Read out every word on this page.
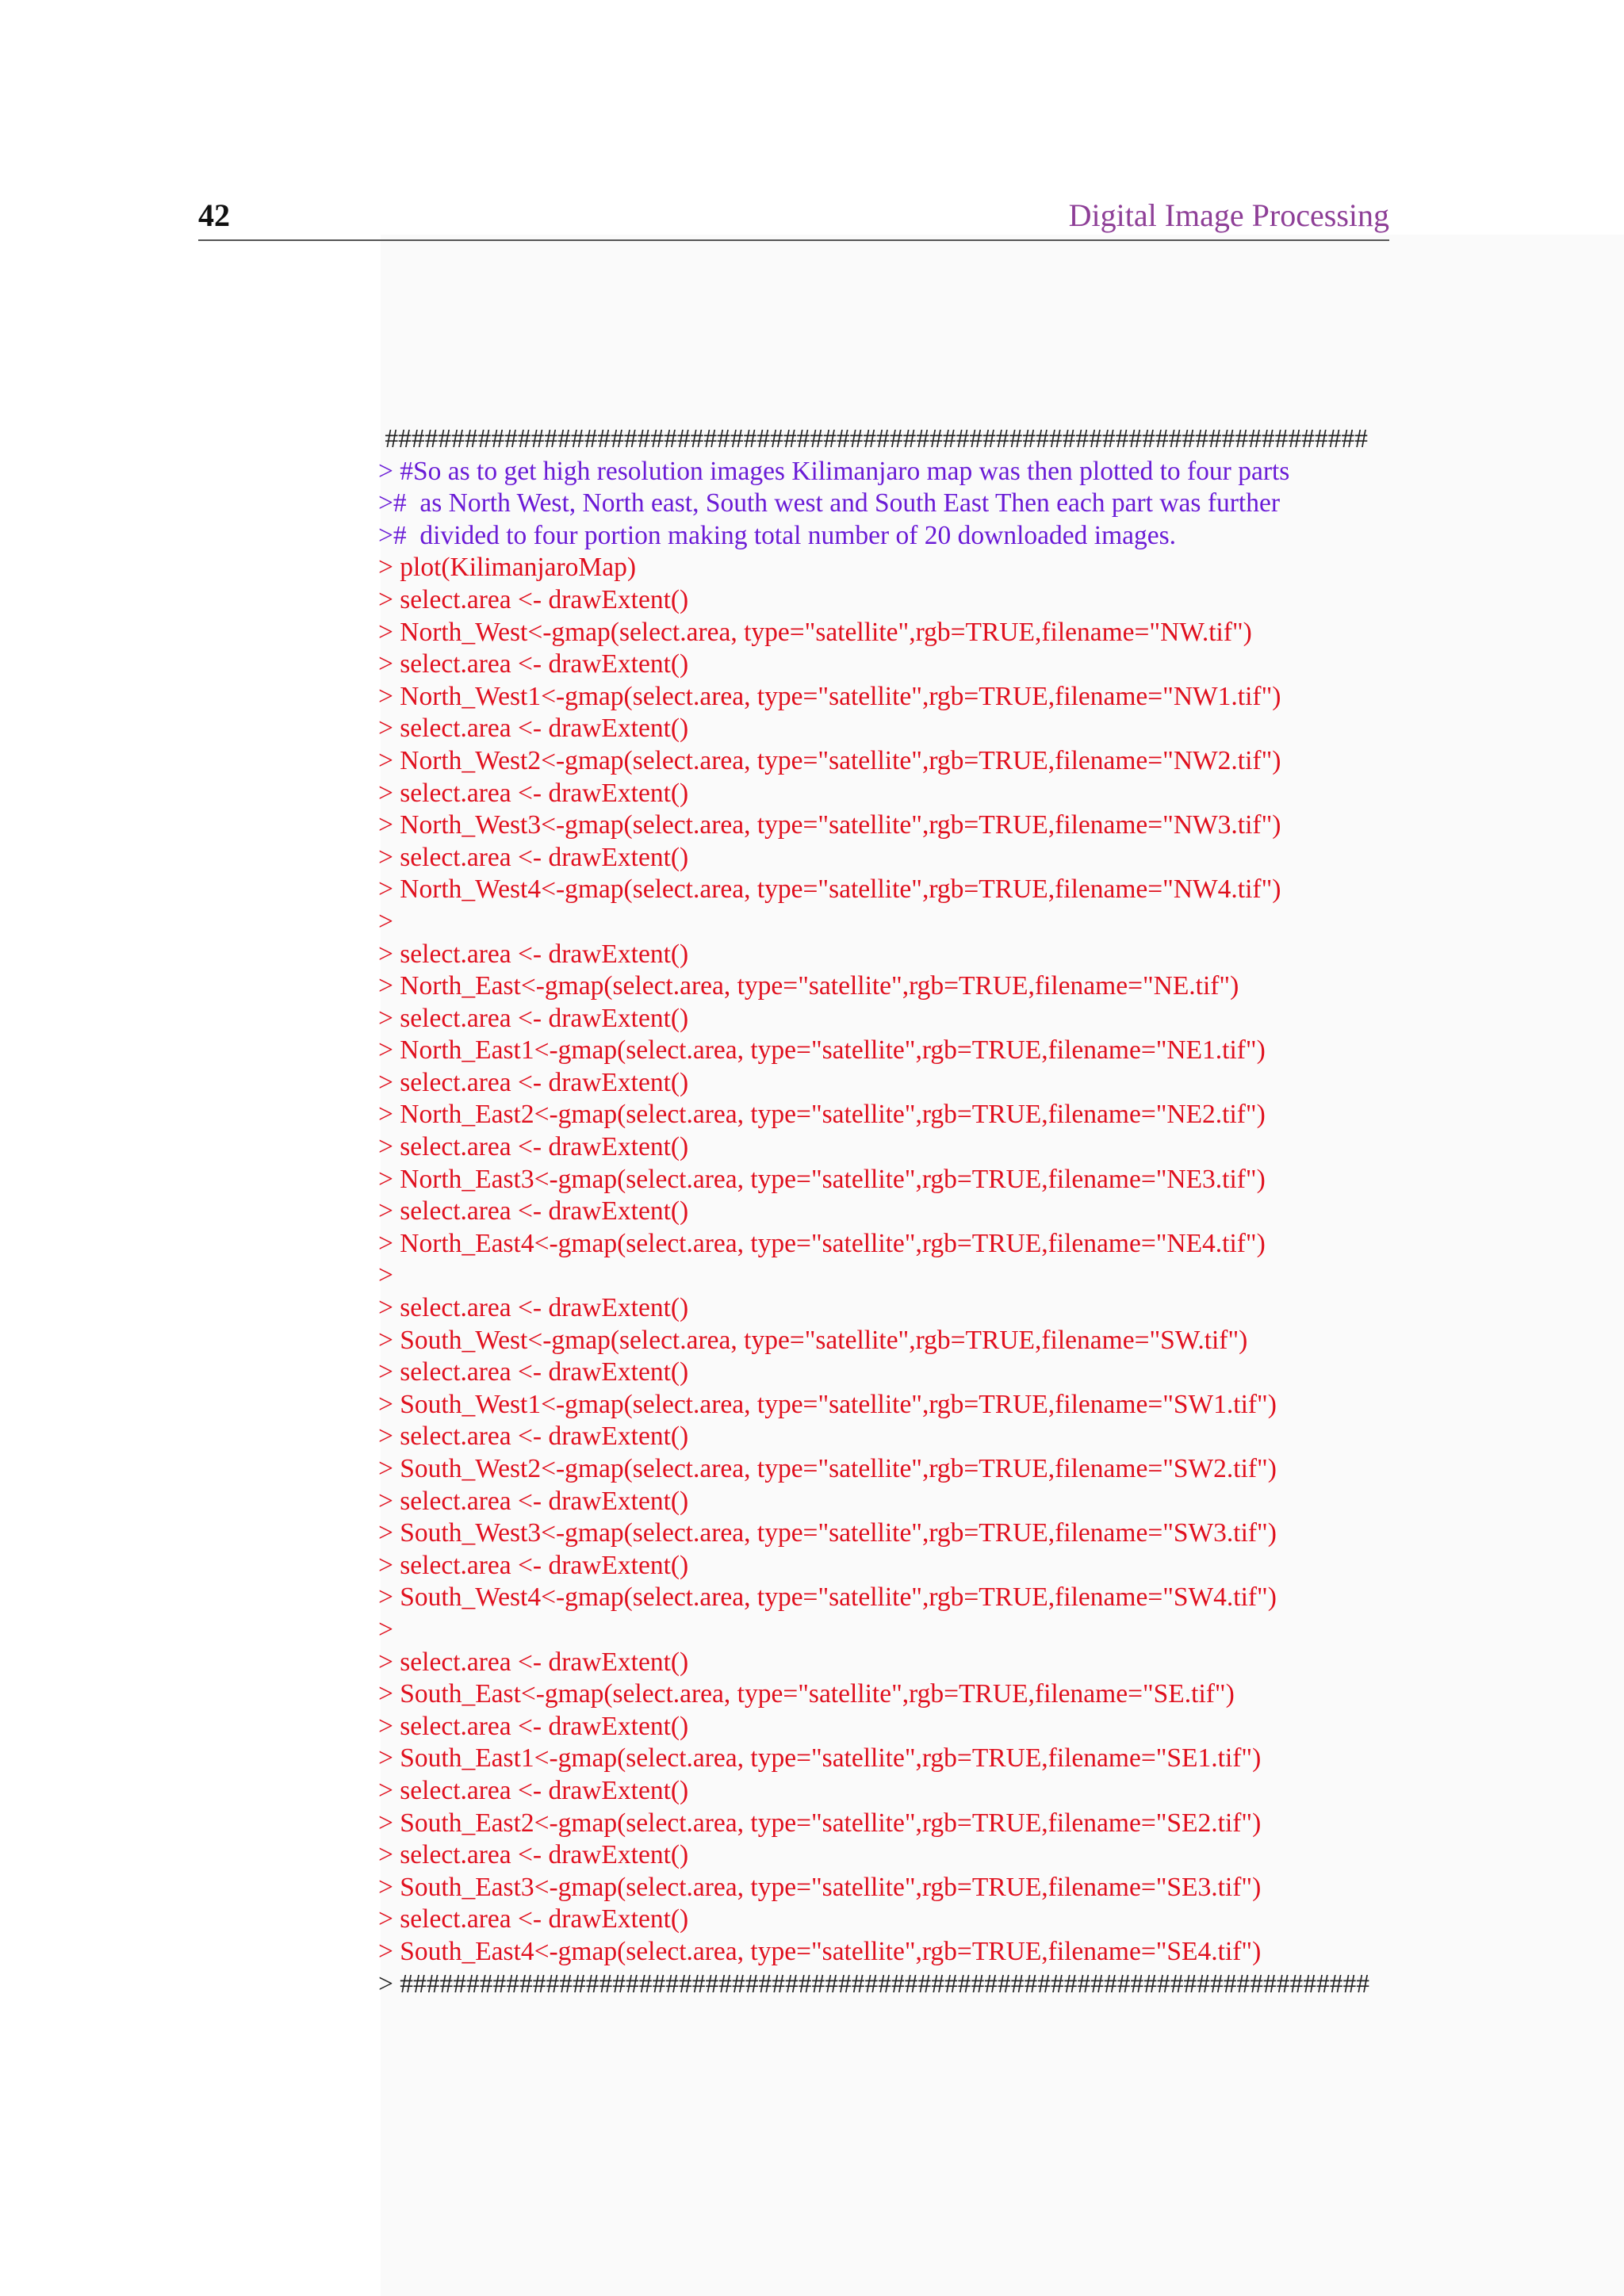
42	Digital Image Processing
##########################################################################
> #So as to get high resolution images Kilimanjaro map was then plotted to four parts
>#  as North West, North east, South west and South East Then each part was further
>#  divided to four portion making total number of 20 downloaded images.
> plot(KilimanjaroMap)
> select.area <- drawExtent()
> North_West<-gmap(select.area, type="satellite",rgb=TRUE,filename="NW.tif")
> select.area <- drawExtent()
> North_West1<-gmap(select.area, type="satellite",rgb=TRUE,filename="NW1.tif")
> select.area <- drawExtent()
> North_West2<-gmap(select.area, type="satellite",rgb=TRUE,filename="NW2.tif")
> select.area <- drawExtent()
> North_West3<-gmap(select.area, type="satellite",rgb=TRUE,filename="NW3.tif")
> select.area <- drawExtent()
> North_West4<-gmap(select.area, type="satellite",rgb=TRUE,filename="NW4.tif")
>
> select.area <- drawExtent()
> North_East<-gmap(select.area, type="satellite",rgb=TRUE,filename="NE.tif")
> select.area <- drawExtent()
> North_East1<-gmap(select.area, type="satellite",rgb=TRUE,filename="NE1.tif")
> select.area <- drawExtent()
> North_East2<-gmap(select.area, type="satellite",rgb=TRUE,filename="NE2.tif")
> select.area <- drawExtent()
> North_East3<-gmap(select.area, type="satellite",rgb=TRUE,filename="NE3.tif")
> select.area <- drawExtent()
> North_East4<-gmap(select.area, type="satellite",rgb=TRUE,filename="NE4.tif")
>
> select.area <- drawExtent()
> South_West<-gmap(select.area, type="satellite",rgb=TRUE,filename="SW.tif")
> select.area <- drawExtent()
> South_West1<-gmap(select.area, type="satellite",rgb=TRUE,filename="SW1.tif")
> select.area <- drawExtent()
> South_West2<-gmap(select.area, type="satellite",rgb=TRUE,filename="SW2.tif")
> select.area <- drawExtent()
> South_West3<-gmap(select.area, type="satellite",rgb=TRUE,filename="SW3.tif")
> select.area <- drawExtent()
> South_West4<-gmap(select.area, type="satellite",rgb=TRUE,filename="SW4.tif")
>
> select.area <- drawExtent()
> South_East<-gmap(select.area, type="satellite",rgb=TRUE,filename="SE.tif")
> select.area <- drawExtent()
> South_East1<-gmap(select.area, type="satellite",rgb=TRUE,filename="SE1.tif")
> select.area <- drawExtent()
> South_East2<-gmap(select.area, type="satellite",rgb=TRUE,filename="SE2.tif")
> select.area <- drawExtent()
> South_East3<-gmap(select.area, type="satellite",rgb=TRUE,filename="SE3.tif")
> select.area <- drawExtent()
> South_East4<-gmap(select.area, type="satellite",rgb=TRUE,filename="SE4.tif")
> #########################################################################
